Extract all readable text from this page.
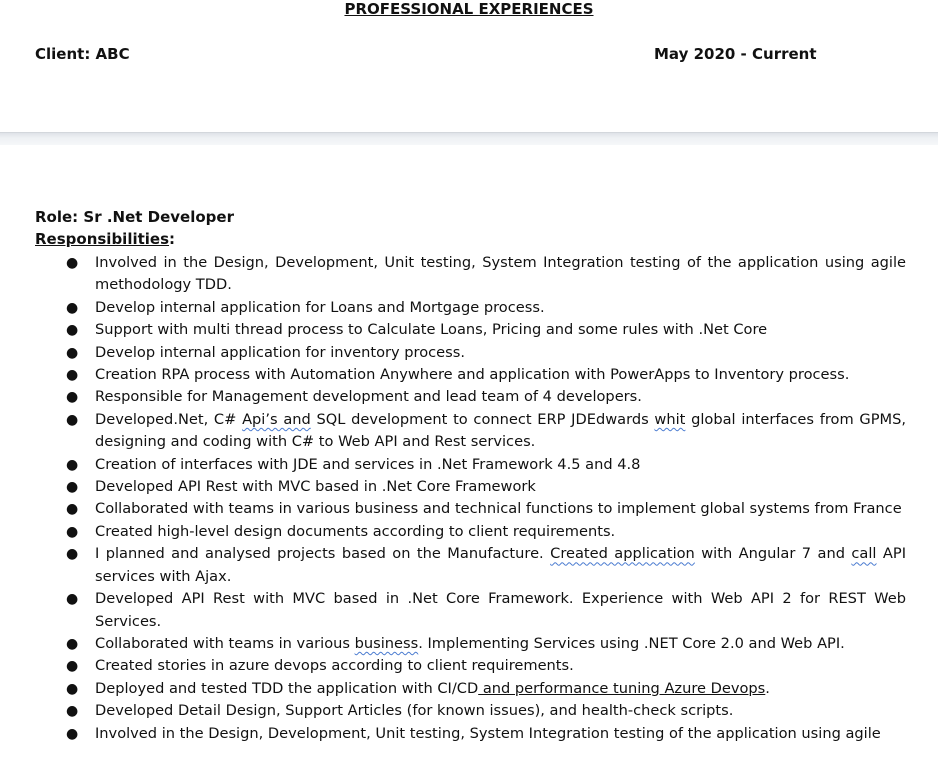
PROFESSIONAL EXPERIENCES
Client: ABC	May 2020 - Current
Role: Sr .Net Developer
Responsibilities:
● Involved in the Design, Development, Unit testing, System Integration testing of the application using agile methodology TDD.
● Develop internal application for Loans and Mortgage process.
● Support with multi thread process to Calculate Loans, Pricing and some rules with .Net Core
● Develop internal application for inventory process.
● Creation RPA process with Automation Anywhere and application with PowerApps to Inventory process.
● Responsible for Management development and lead team of 4 developers.
● Developed.Net, C# Api’s and SQL development to connect ERP JDEdwards whit global interfaces from GPMS, designing and coding with C# to Web API and Rest services.
● Creation of interfaces with JDE and services in .Net Framework 4.5 and 4.8
● Developed API Rest with MVC based in .Net Core Framework
● Collaborated with teams in various business and technical functions to implement global systems from France
● Created high-level design documents according to client requirements.
● I planned and analysed projects based on the Manufacture. Created application with Angular 7 and call API services with Ajax.
● Developed API Rest with MVC based in .Net Core Framework. Experience with Web API 2 for REST Web Services.
● Collaborated with teams in various business. Implementing Services using .NET Core 2.0 and Web API.
● Created stories in azure devops according to client requirements.
● Deployed and tested TDD the application with CI/CD and performance tuning Azure Devops.
● Developed Detail Design, Support Articles (for known issues), and health-check scripts.
● Involved in the Design, Development, Unit testing, System Integration testing of the application using agile
